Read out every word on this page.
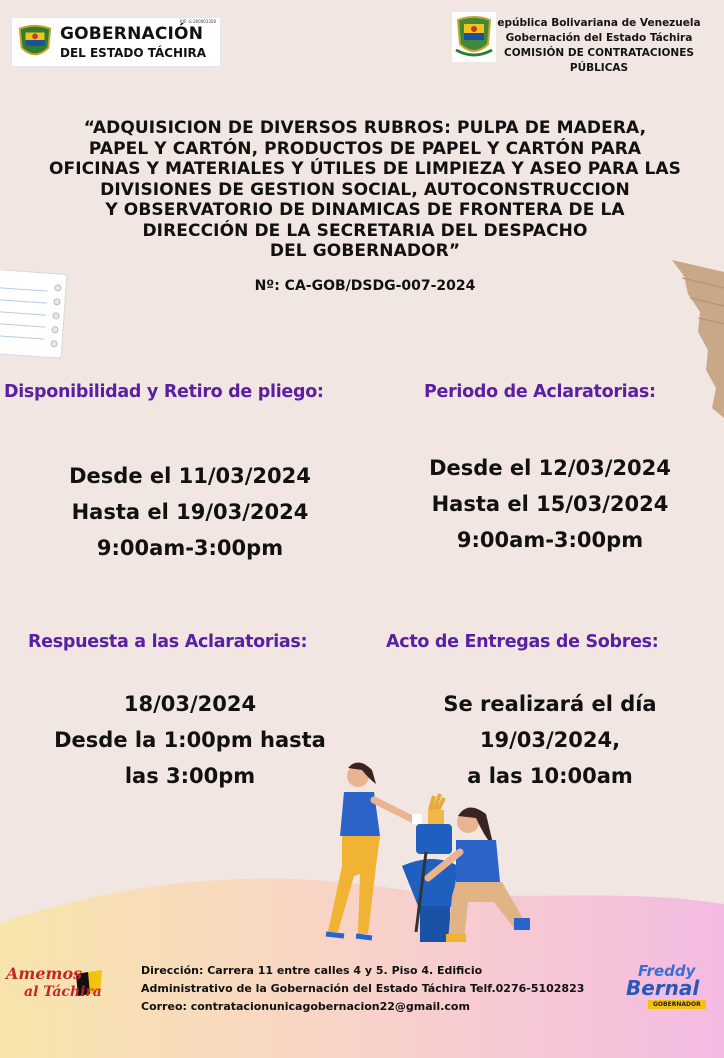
GOBERNACIÓN
DEL ESTADO TÁCHIRA
RIF: G-200001350	epública Bolivariana de Venezuela
Gobernación del Estado Táchira
COMISIÓN DE CONTRATACIONES
PÚBLICAS
“ADQUISICION DE DIVERSOS RUBROS: PULPA DE MADERA,
PAPEL Y CARTÓN, PRODUCTOS DE PAPEL Y CARTÓN PARA
OFICINAS Y MATERIALES Y ÚTILES DE LIMPIEZA Y ASEO PARA LAS
DIVISIONES DE GESTION SOCIAL, AUTOCONSTRUCCION
Y OBSERVATORIO DE DINAMICAS DE FRONTERA DE LA
DIRECCIÓN DE LA SECRETARIA DEL DESPACHO
DEL GOBERNADOR”
Nº: CA-GOB/DSDG-007-2024
Disponibilidad y Retiro de pliego:
Desde el 11/03/2024
Hasta el 19/03/2024
9:00am-3:00pm
Periodo de Aclaratorias:
Desde el 12/03/2024
Hasta el 15/03/2024
9:00am-3:00pm
Respuesta a las Aclaratorias:
18/03/2024
Desde la 1:00pm hasta
las 3:00pm
Acto de Entregas de Sobres:
Se realizará el día
19/03/2024,
a las 10:00am
Amemos
al Táchira
Dirección: Carrera 11 entre calles 4 y 5. Piso 4. Edificio
Administrativo de la Gobernación del Estado Táchira Telf.0276-5102823
Correo: contratacionunicagobernacion22@gmail.com
Freddy
Bernal
GOBERNADOR
